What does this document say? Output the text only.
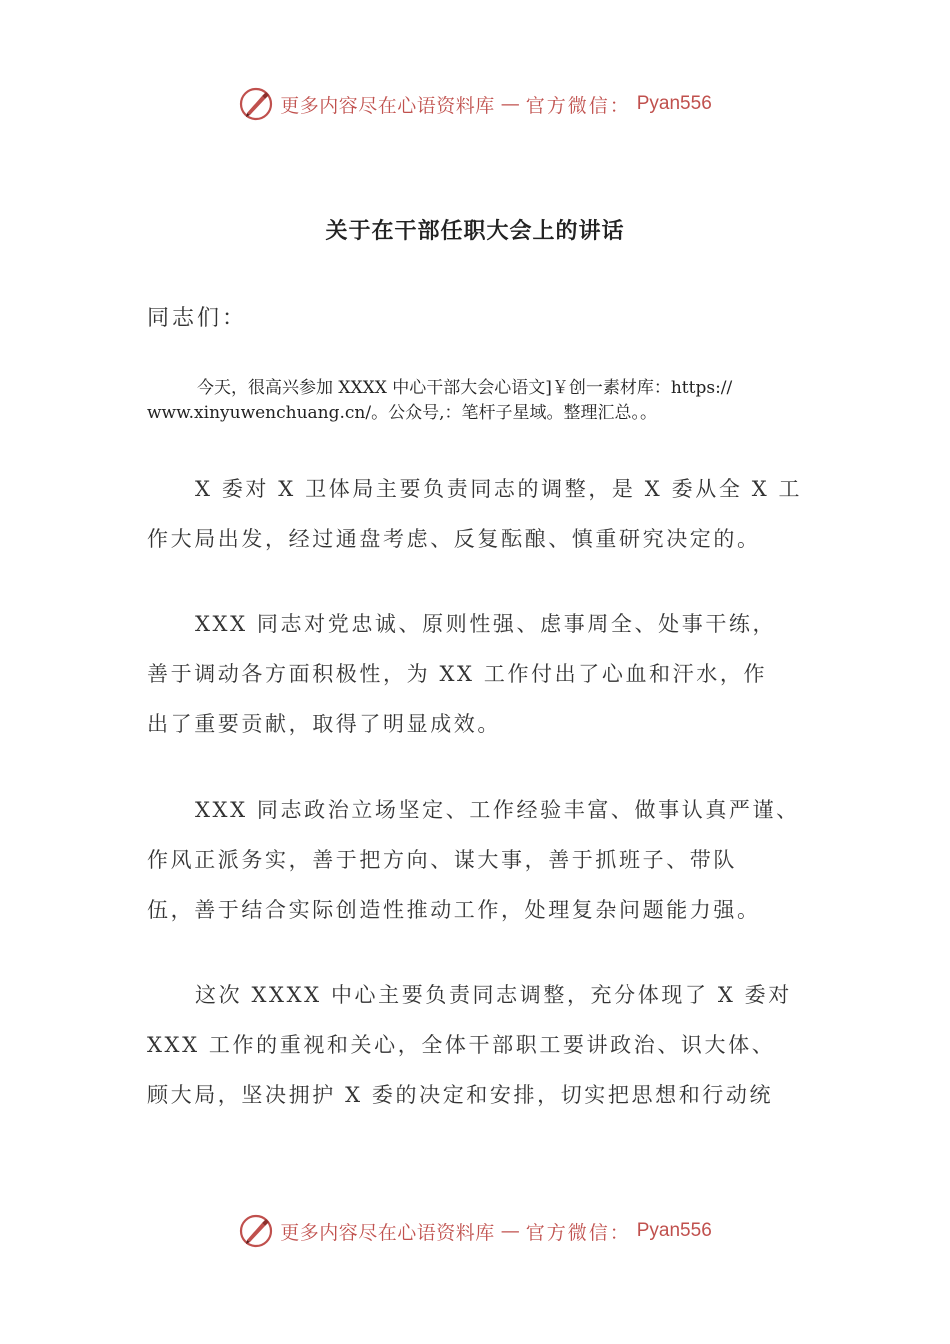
更多内容尽在心语资料库 — 官方微信： Pyan556
关于在干部任职大会上的讲话
同志们：
今天，很高兴参加 XXXX 中心干部大会心语文]￥创一素材库：https://
www.xinyuwenchuang.cn/。公众号,：笔杆子星域。整理汇总。。
X 委对 X 卫体局主要负责同志的调整，是 X 委从全 X 工
作大局出发，经过通盘考虑、反复酝酿、慎重研究决定的。
XXX 同志对党忠诚、原则性强、虑事周全、处事干练，
善于调动各方面积极性，为 XX 工作付出了心血和汗水，作
出了重要贡献，取得了明显成效。
XXX 同志政治立场坚定、工作经验丰富、做事认真严谨、
作风正派务实，善于把方向、谋大事，善于抓班子、带队
伍，善于结合实际创造性推动工作，处理复杂问题能力强。
这次 XXXX 中心主要负责同志调整，充分体现了 X 委对
XXX 工作的重视和关心，全体干部职工要讲政治、识大体、
顾大局，坚决拥护 X 委的决定和安排，切实把思想和行动统
更多内容尽在心语资料库 — 官方微信： Pyan556
